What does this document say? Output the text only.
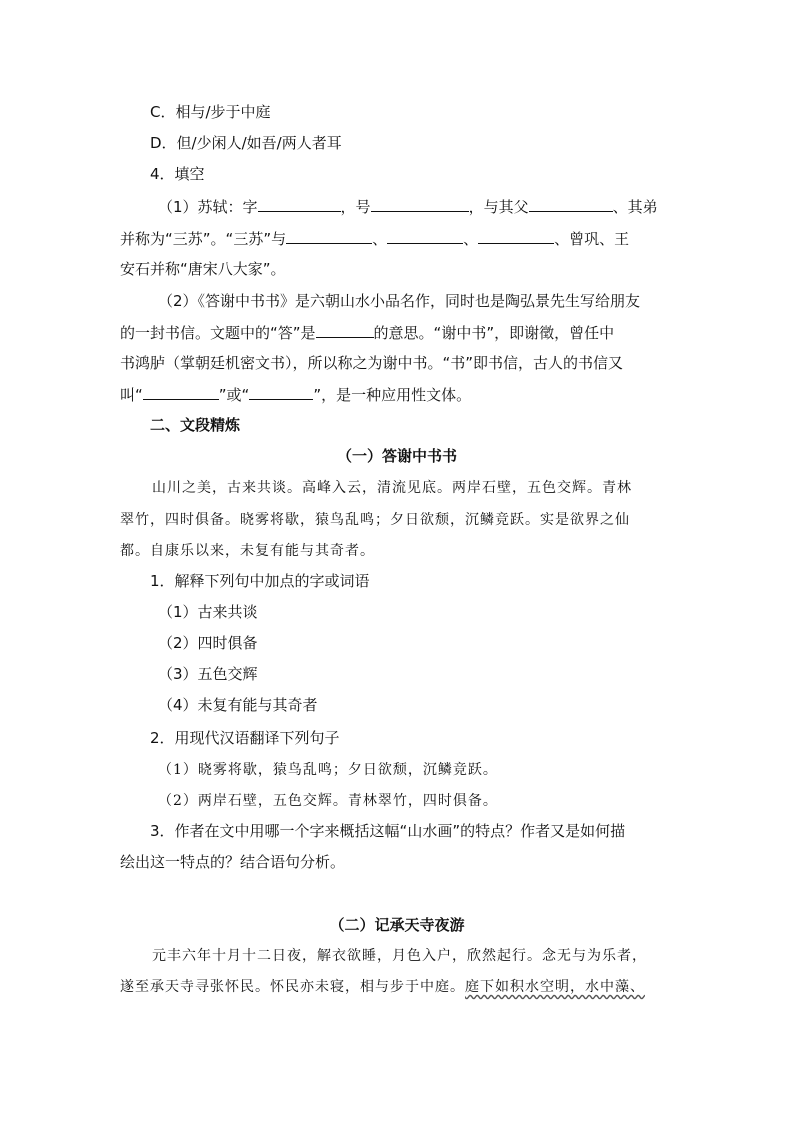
C．相与/步于中庭
D．但/少闲人/如吾/两人者耳
4．填空
（1）苏轼：字	，号	，与其父	、其弟
并称为“三苏”。“三苏”与	、	、	、曾巩、王
安石并称“唐宋八大家”。
（2）《答谢中书书》是六朝山水小品名作，同时也是陶弘景先生写给朋友
的一封书信。文题中的“答”是	的意思。“谢中书”，即谢徵，曾任中
书鸿胪（掌朝廷机密文书），所以称之为谢中书。“书”即书信，古人的书信又
叫“	”或“	”，是一种应用性文体。
二、文段精炼
（一）答谢中书书
山川之美，古来共谈。高峰入云，清流见底。两岸石壁，五色交辉。青林
翠竹，四时俱备。晓雾将歇，猿鸟乱鸣；夕日欲颓，沉鳞竞跃。实是欲界之仙
都。自康乐以来，未复有能与其奇者。
1．解释下列句中加点的字或词语
（1）古来共谈
（2）四时俱备
（3）五色交辉
（4）未复有能与其奇者
2．用现代汉语翻译下列句子
（1）晓雾将歇，猿鸟乱鸣；夕日欲颓，沉鳞竞跃。
（2）两岸石壁，五色交辉。青林翠竹，四时俱备。
3．作者在文中用哪一个字来概括这幅“山水画”的特点？作者又是如何描
绘出这一特点的？结合语句分析。
（二）记承天寺夜游
元丰六年十月十二日夜，解衣欲睡，月色入户，欣然起行。念无与为乐者，
遂至承天寺寻张怀民。怀民亦未寝，相与步于中庭。庭下如积水空明，水中藻、
